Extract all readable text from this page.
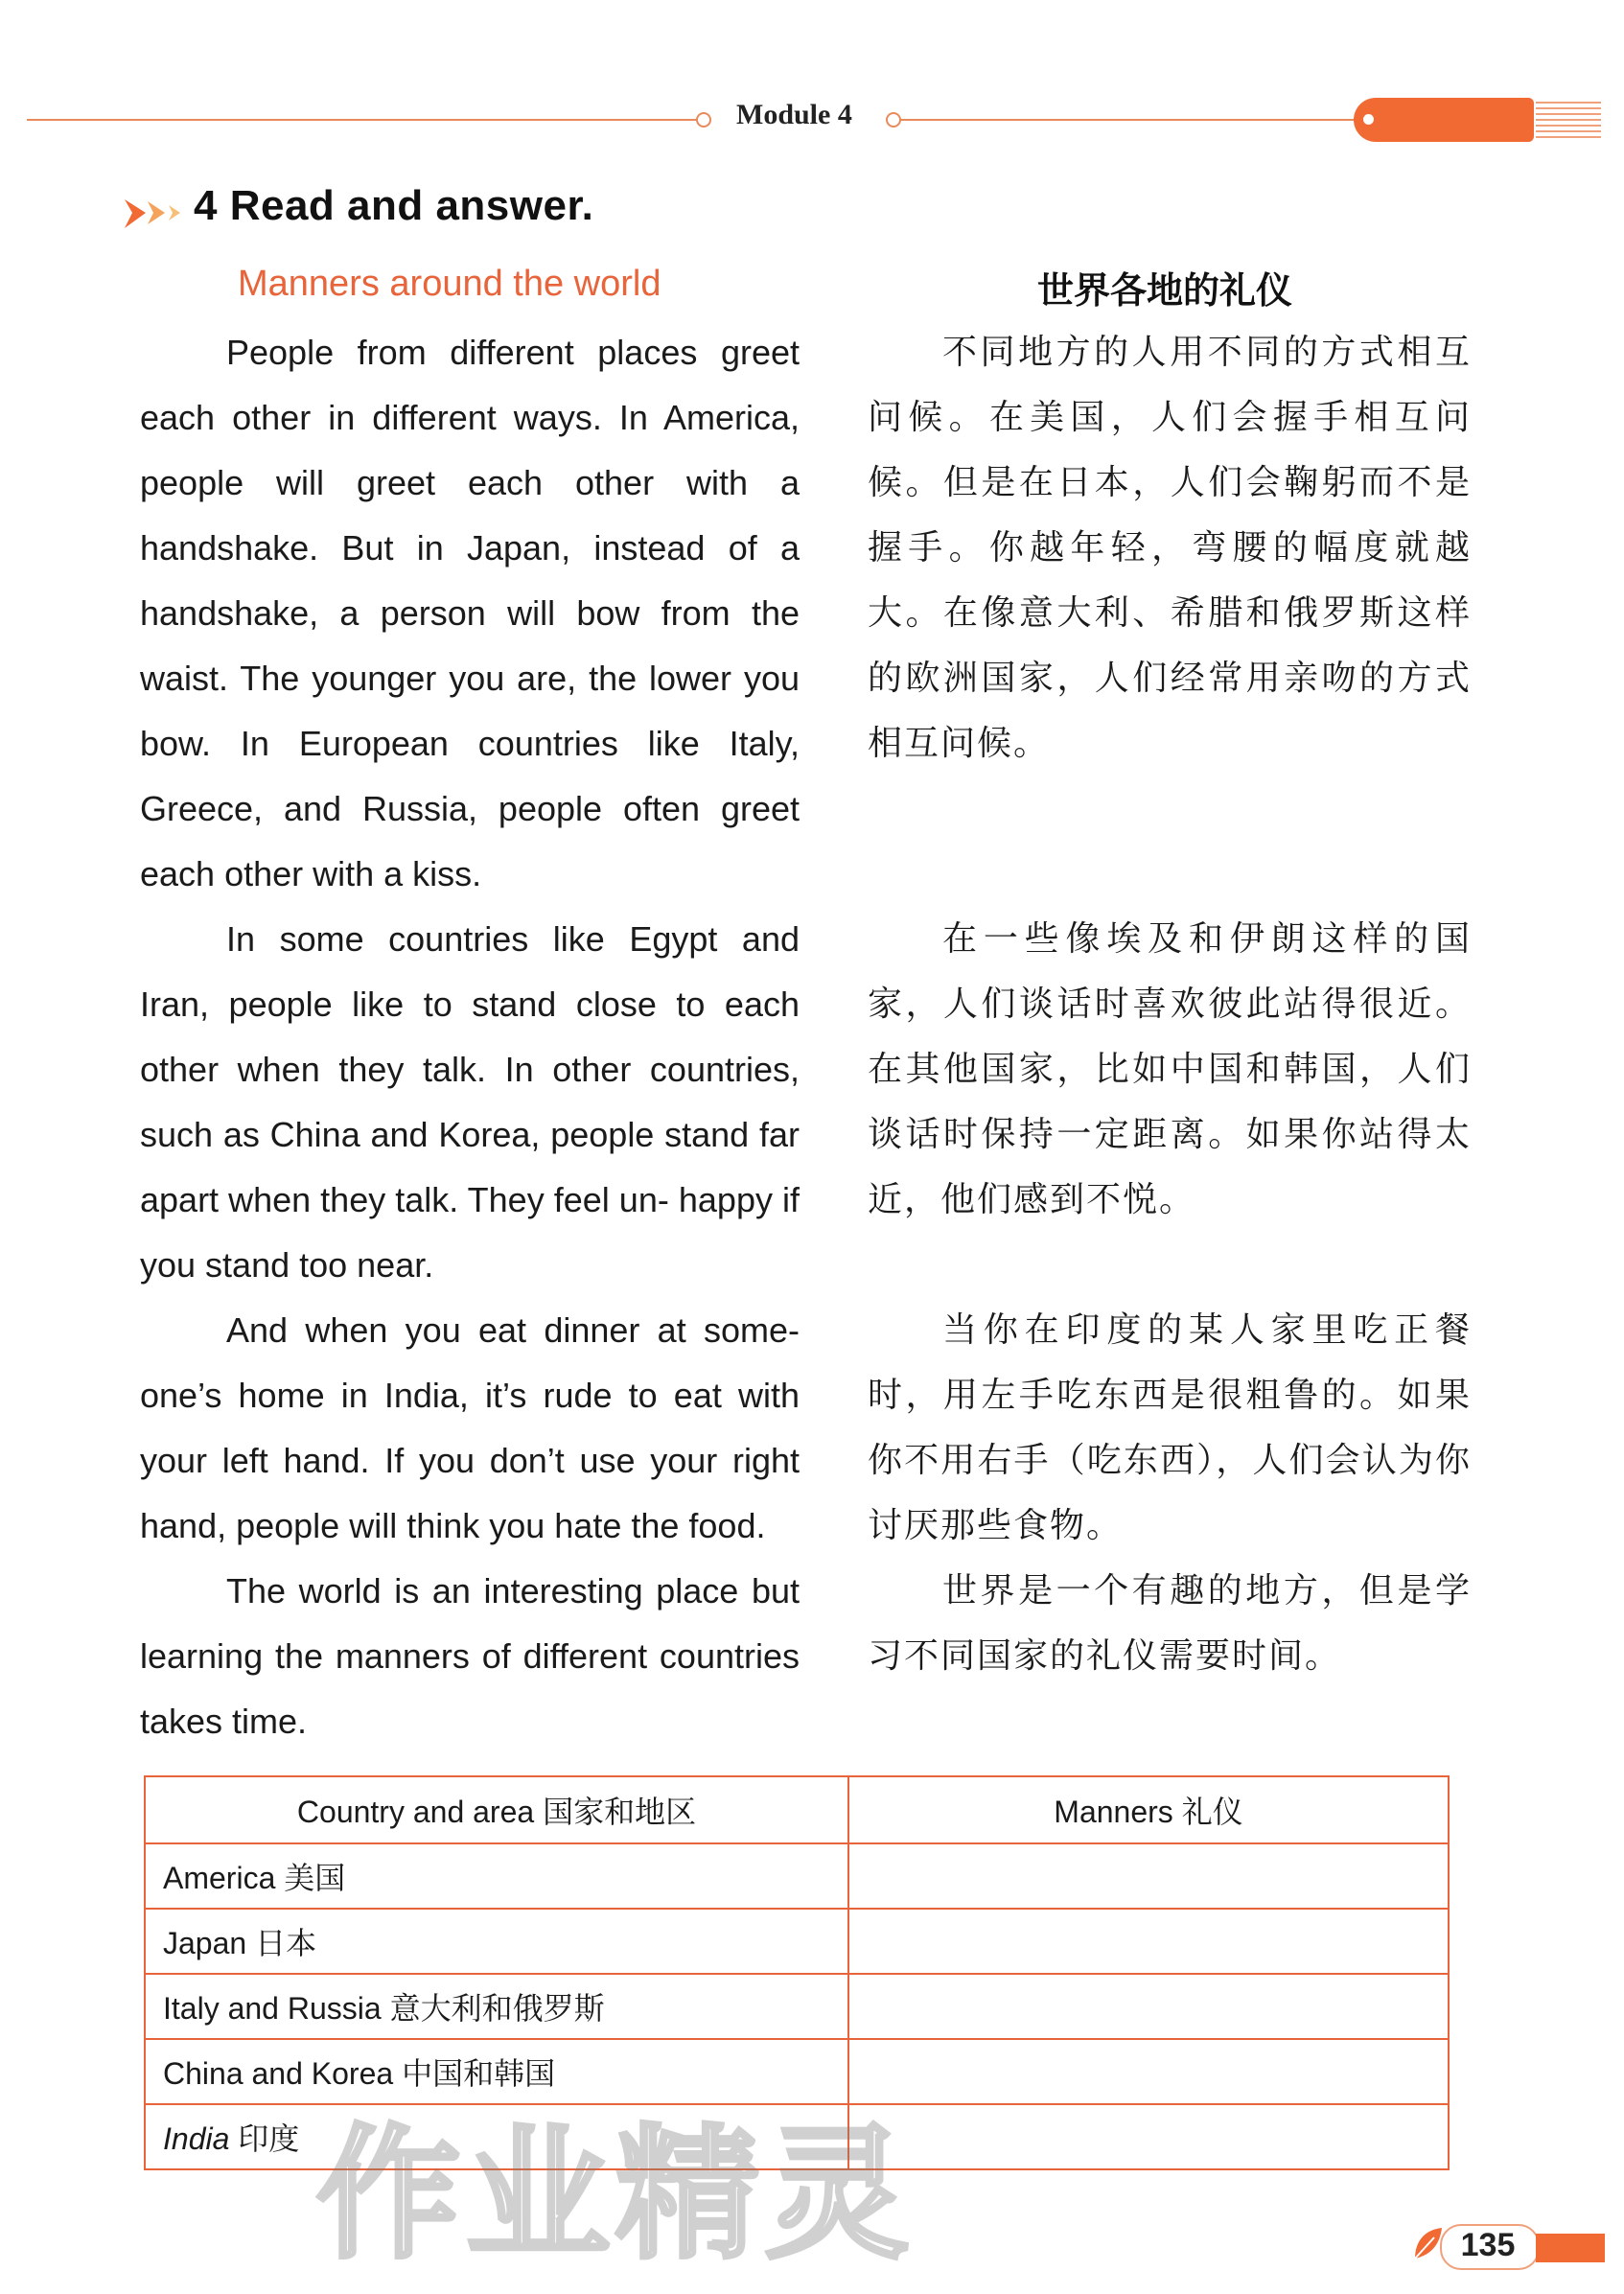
Module 4
4 Read and answer.
Manners around the world	世界各地的礼仪

People from different places greet each other in different ways. In America, people will greet each other with a handshake. But in Japan, instead of a handshake, a person will bow from the waist. The younger you are, the lower you bow. In European countries like Italy, Greece, and Russia, people often greet each other with a kiss.

In some countries like Egypt and Iran, people like to stand close to each other when they talk. In other countries, such as China and Korea, people stand far apart when they talk. They feel un- happy if you stand too near.

And when you eat dinner at some- one’s home in India, it’s rude to eat with your left hand. If you don’t use your right hand, people will think you hate the food.

The world is an interesting place but learning the manners of different countries takes time.

不同地方的人用不同的方式相互问候。在美国，人们会握手相互问候。但是在日本，人们会鞠躬而不是握手。你越年轻，弯腰的幅度就越大。在像意大利、希腊和俄罗斯这样的欧洲国家，人们经常用亲吻的方式相互问候。

在一些像埃及和伊朗这样的国家，人们谈话时喜欢彼此站得很近。在其他国家，比如中国和韩国，人们谈话时保持一定距离。如果你站得太近，他们感到不悦。

当你在印度的某人家里吃正餐时，用左手吃东西是很粗鲁的。如果你不用右手（吃东西），人们会认为你讨厌那些食物。

世界是一个有趣的地方，但是学习不同国家的礼仪需要时间。

Country and area 国家和地区	Manners 礼仪
America 美国	
Japan 日本	
Italy and Russia 意大利和俄罗斯	
China and Korea 中国和韩国	
India 印度	作业精灵	135
